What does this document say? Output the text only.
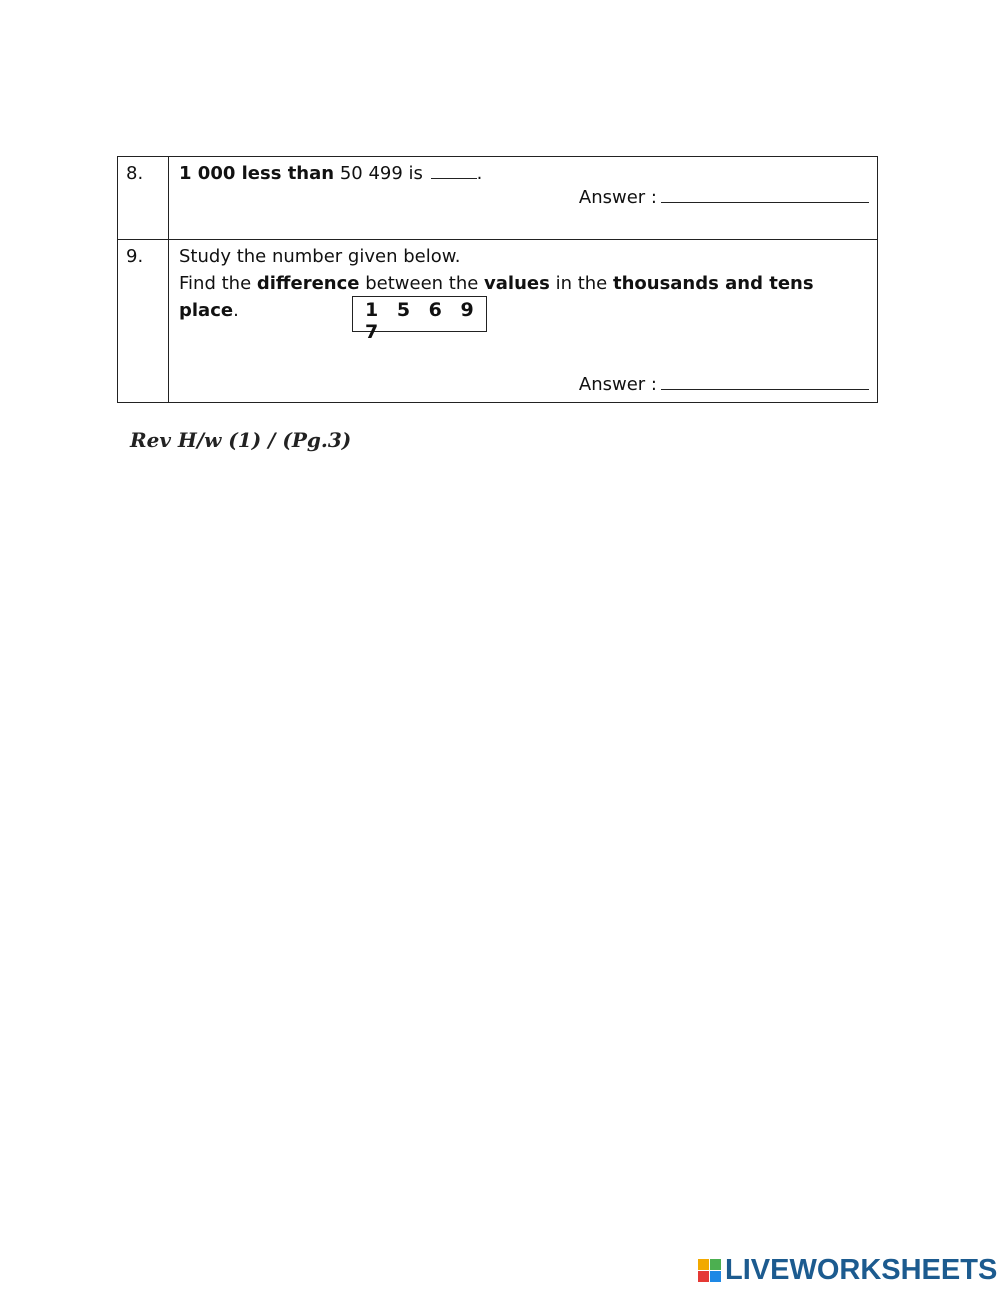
8.	1 000 less than 50 499 is .
Answer :

9.	Study the number given below.
Find the difference between the values in the thousands and tens place.
Answer :
1 5 6 9 7
Rev H/w (1) / (Pg.3)
LIVEWORKSHEETS
